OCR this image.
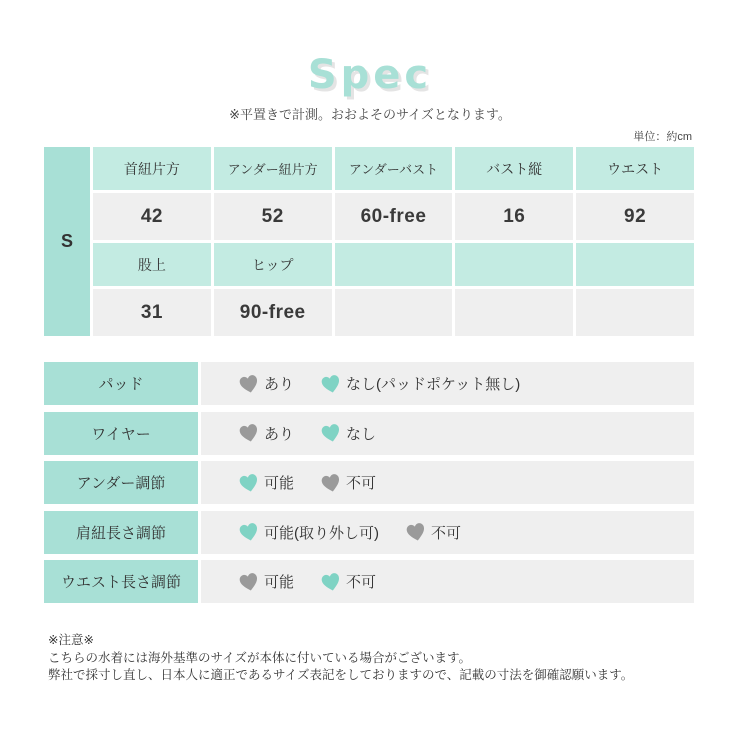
Spec
※平置きで計測。おおよそのサイズとなります。
単位：約cm
S
首紐片方	アンダー紐片方	アンダーバスト	バスト縦	ウエスト
42	52	60-free	16	92
股上	ヒップ
31	90-free
パッド	あり	なし(パッドポケット無し)
ワイヤー	あり	なし
アンダー調節	可能	不可
肩紐長さ調節	可能(取り外し可)	不可
ウエスト長さ調節	可能	不可
※注意※
こちらの水着には海外基準のサイズが本体に付いている場合がございます。
弊社で採寸し直し、日本人に適正であるサイズ表記をしておりますので、記載の寸法を御確認願います。
